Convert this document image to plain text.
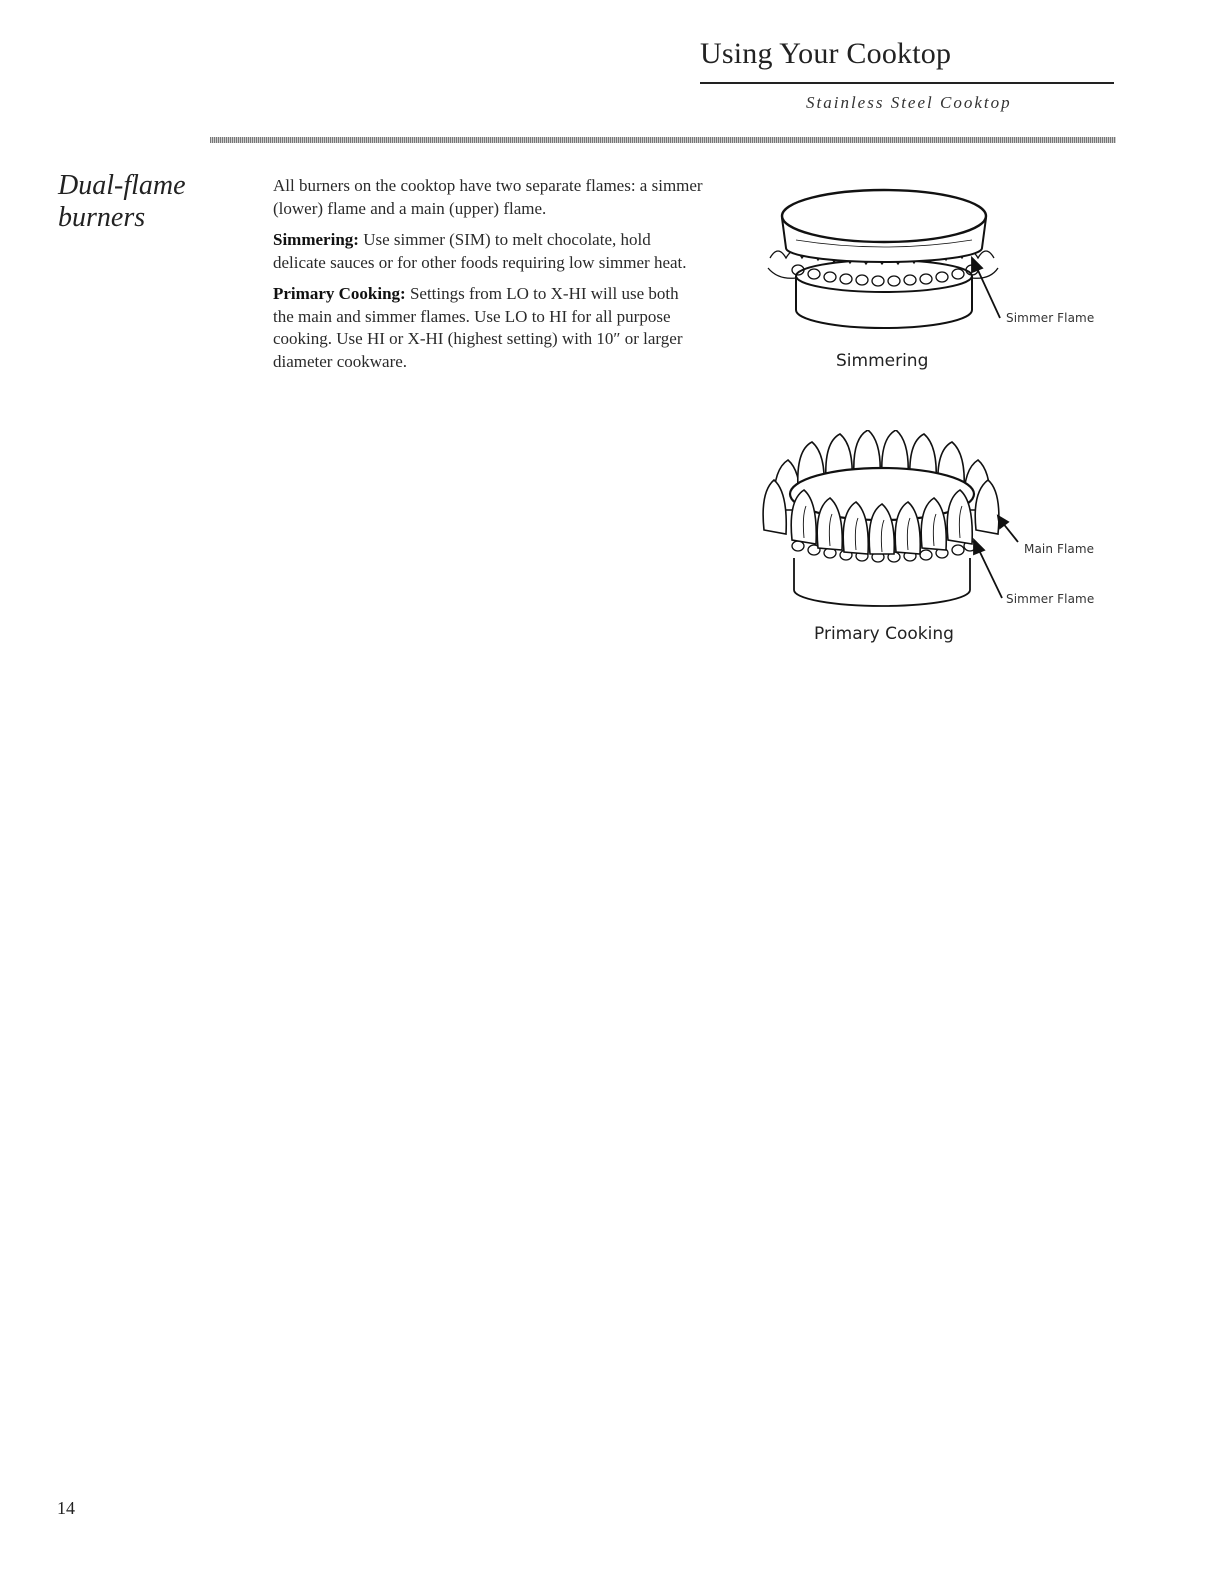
Using Your Cooktop
Stainless Steel Cooktop
Dual-flame
burners

All burners on the cooktop have two separate flames: a simmer (lower) flame and a main (upper) flame.

Simmering: Use simmer (SIM) to melt chocolate, hold delicate sauces or for other foods requiring low simmer heat.

Primary Cooking: Settings from LO to X-HI will use both the main and simmer flames. Use LO to HI for all purpose cooking. Use HI or X-HI (highest setting) with 10″ or larger diameter cookware.

Simmer Flame
Simmering
Main Flame
Simmer Flame
Primary Cooking
14
